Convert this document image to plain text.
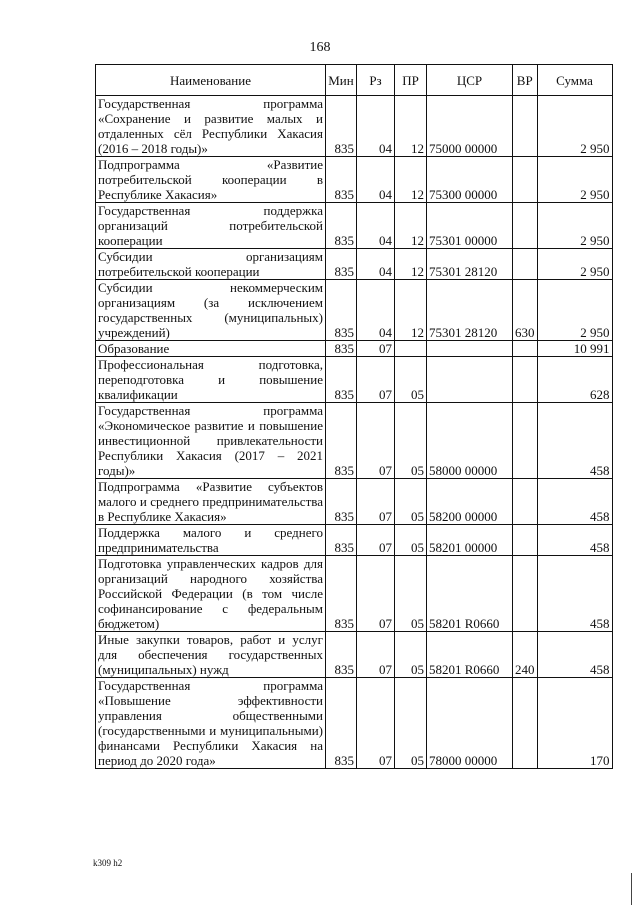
168
Наименование	Мин	Рз	ПР	ЦСР	ВР	Сумма
Государственная программа «Сохранение и развитие малых и отдаленных сёл Республики Хакасия (2016 – 2018 годы)»	835	04	12	75000 00000		2 950
Подпрограмма «Развитие потребительской кооперации в Республике Хакасия»	835	04	12	75300 00000		2 950
Государственная поддержка организаций потребительской кооперации	835	04	12	75301 00000		2 950
Субсидии организациям потребительской кооперации	835	04	12	75301 28120		2 950
Субсидии некоммерческим организациям (за исключением государственных (муниципальных) учреждений)	835	04	12	75301 28120	630	2 950
Образование	835	07				10 991
Профессиональная подготовка, переподготовка и повышение квалификации	835	07	05			628
Государственная программа «Экономическое развитие и повышение инвестиционной привлекательности Республики Хакасия (2017 – 2021 годы)»	835	07	05	58000 00000		458
Подпрограмма «Развитие субъектов малого и среднего предпринимательства в Республике Хакасия»	835	07	05	58200 00000		458
Поддержка малого и среднего предпринимательства	835	07	05	58201 00000		458
Подготовка управленческих кадров для организаций народного хозяйства Российской Федерации (в том числе софинансирование с федеральным бюджетом)	835	07	05	58201 R0660		458
Иные закупки товаров, работ и услуг для обеспечения государственных (муниципальных) нужд	835	07	05	58201 R0660	240	458
Государственная программа «Повышение эффективности управления общественными (государственными и муниципальными) финансами Республики Хакасия на период до 2020 года»	835	07	05	78000 00000		170
k309 h2
